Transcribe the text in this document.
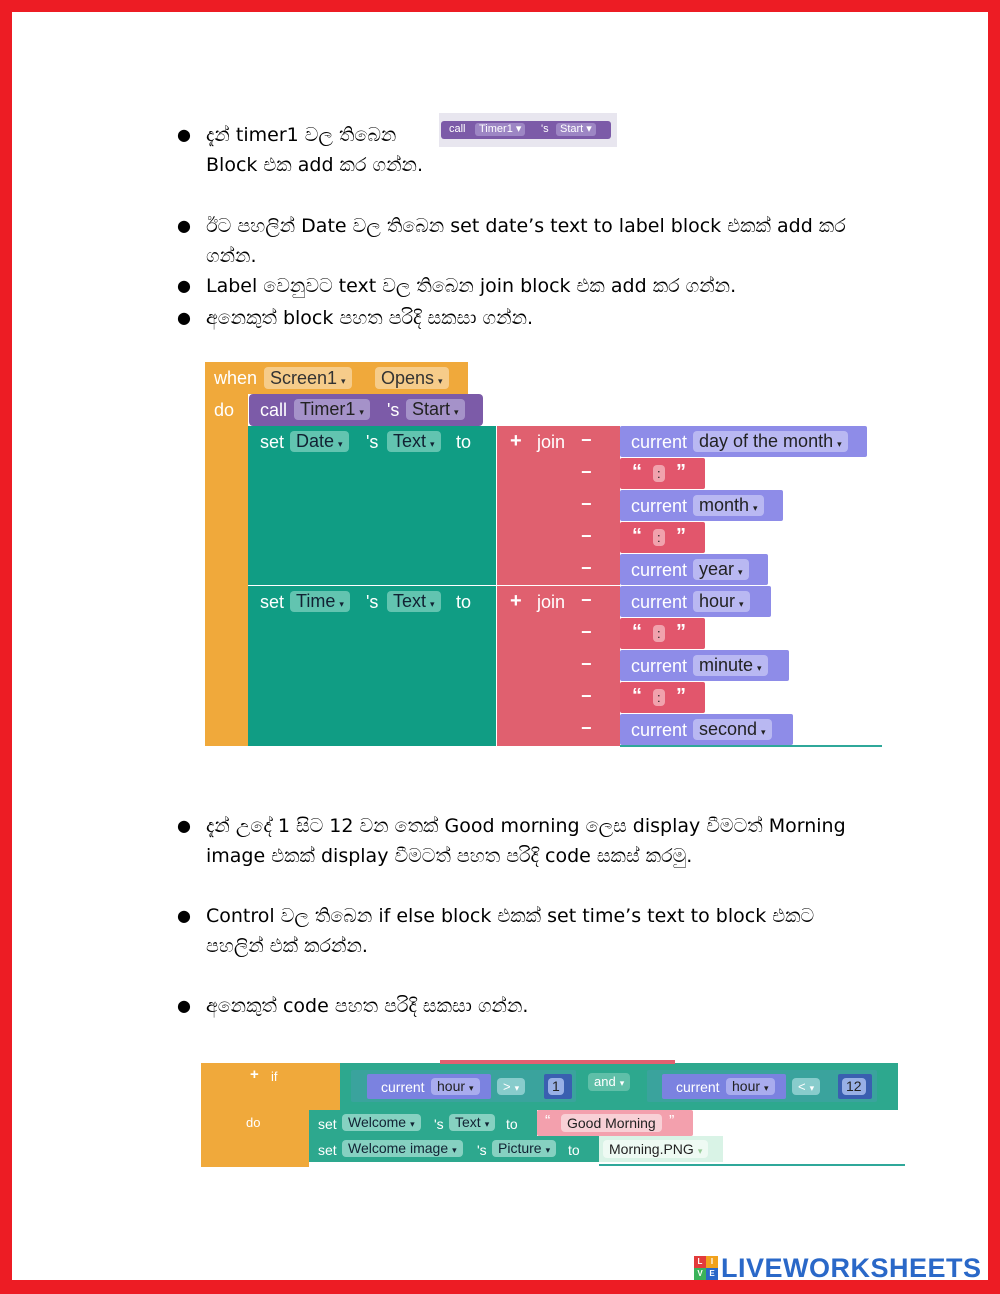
● දැන් timer1 වල තිබෙන
Block එක add කර ගන්න.
call	Timer1 ▾	's	Start ▾
● ඊට පහලින් Date වල තිබෙන set date’s text to label block එකක් add කර
ගන්න.
● Label වෙනුවට text වල තිබෙන join block එක add කර ගන්න.
● අනෙකුත් block පහත පරිදි සකසා ගන්න.
when Screen1 ▾	Opens ▾
do call Timer1 ▾	's Start ▾
set Date ▾	's Text ▾	to
set Time ▾	's Text ▾	to
+ join
+ join
−
−
−
−
−
−
−
−
−
−
current day of the month ▾
“	: ”
current month ▾
“	: ”
current year ▾
current hour ▾
“	: ”
current minute ▾
“	: ”
current second ▾
● දැන් උදේ 1 සිට 12 වන තෙක් Good morning ලෙස display වීමටත් Morning
image එකක් display වීමටත් පහත පරිදි code සකස් කරමු.
● Control වල තිබෙන if else block එකක් set time’s text to block එකට
පහලින් එක් කරන්න.
● අනෙකුත් code පහත පරිදි සකසා ගන්න.
+ if
do
current hour ▾	> ▾	1	and ▾	current hour ▾	< ▾	12
set Welcome ▾	's Text ▾	to “	Good Morning ”
set Welcome image ▾	's Picture ▾	to	Morning.PNG ▾
L	I
V E LIVEWORKSHEETS
